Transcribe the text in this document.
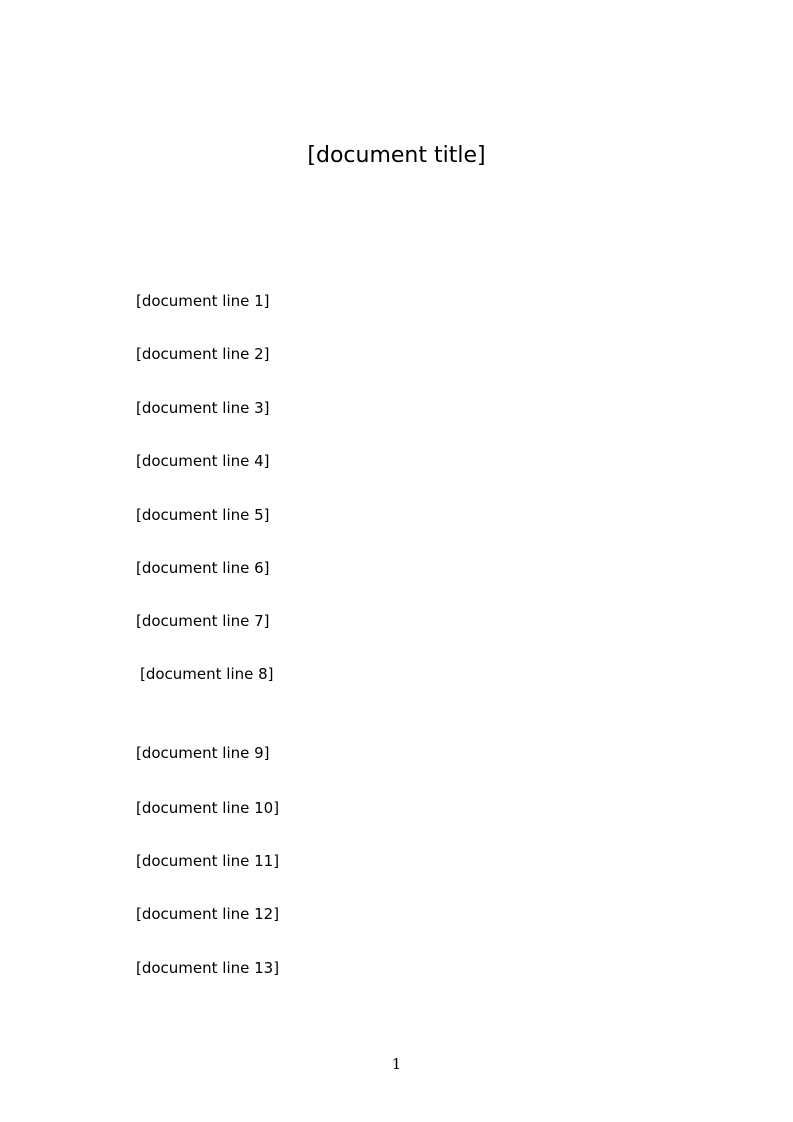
[document title]
[document line 1]
[document line 2]
[document line 3]
[document line 4]
[document line 5]
[document line 6]
[document line 7]
[document line 8]
[document line 9]
[document line 10]
[document line 11]
[document line 12]
[document line 13]
1
